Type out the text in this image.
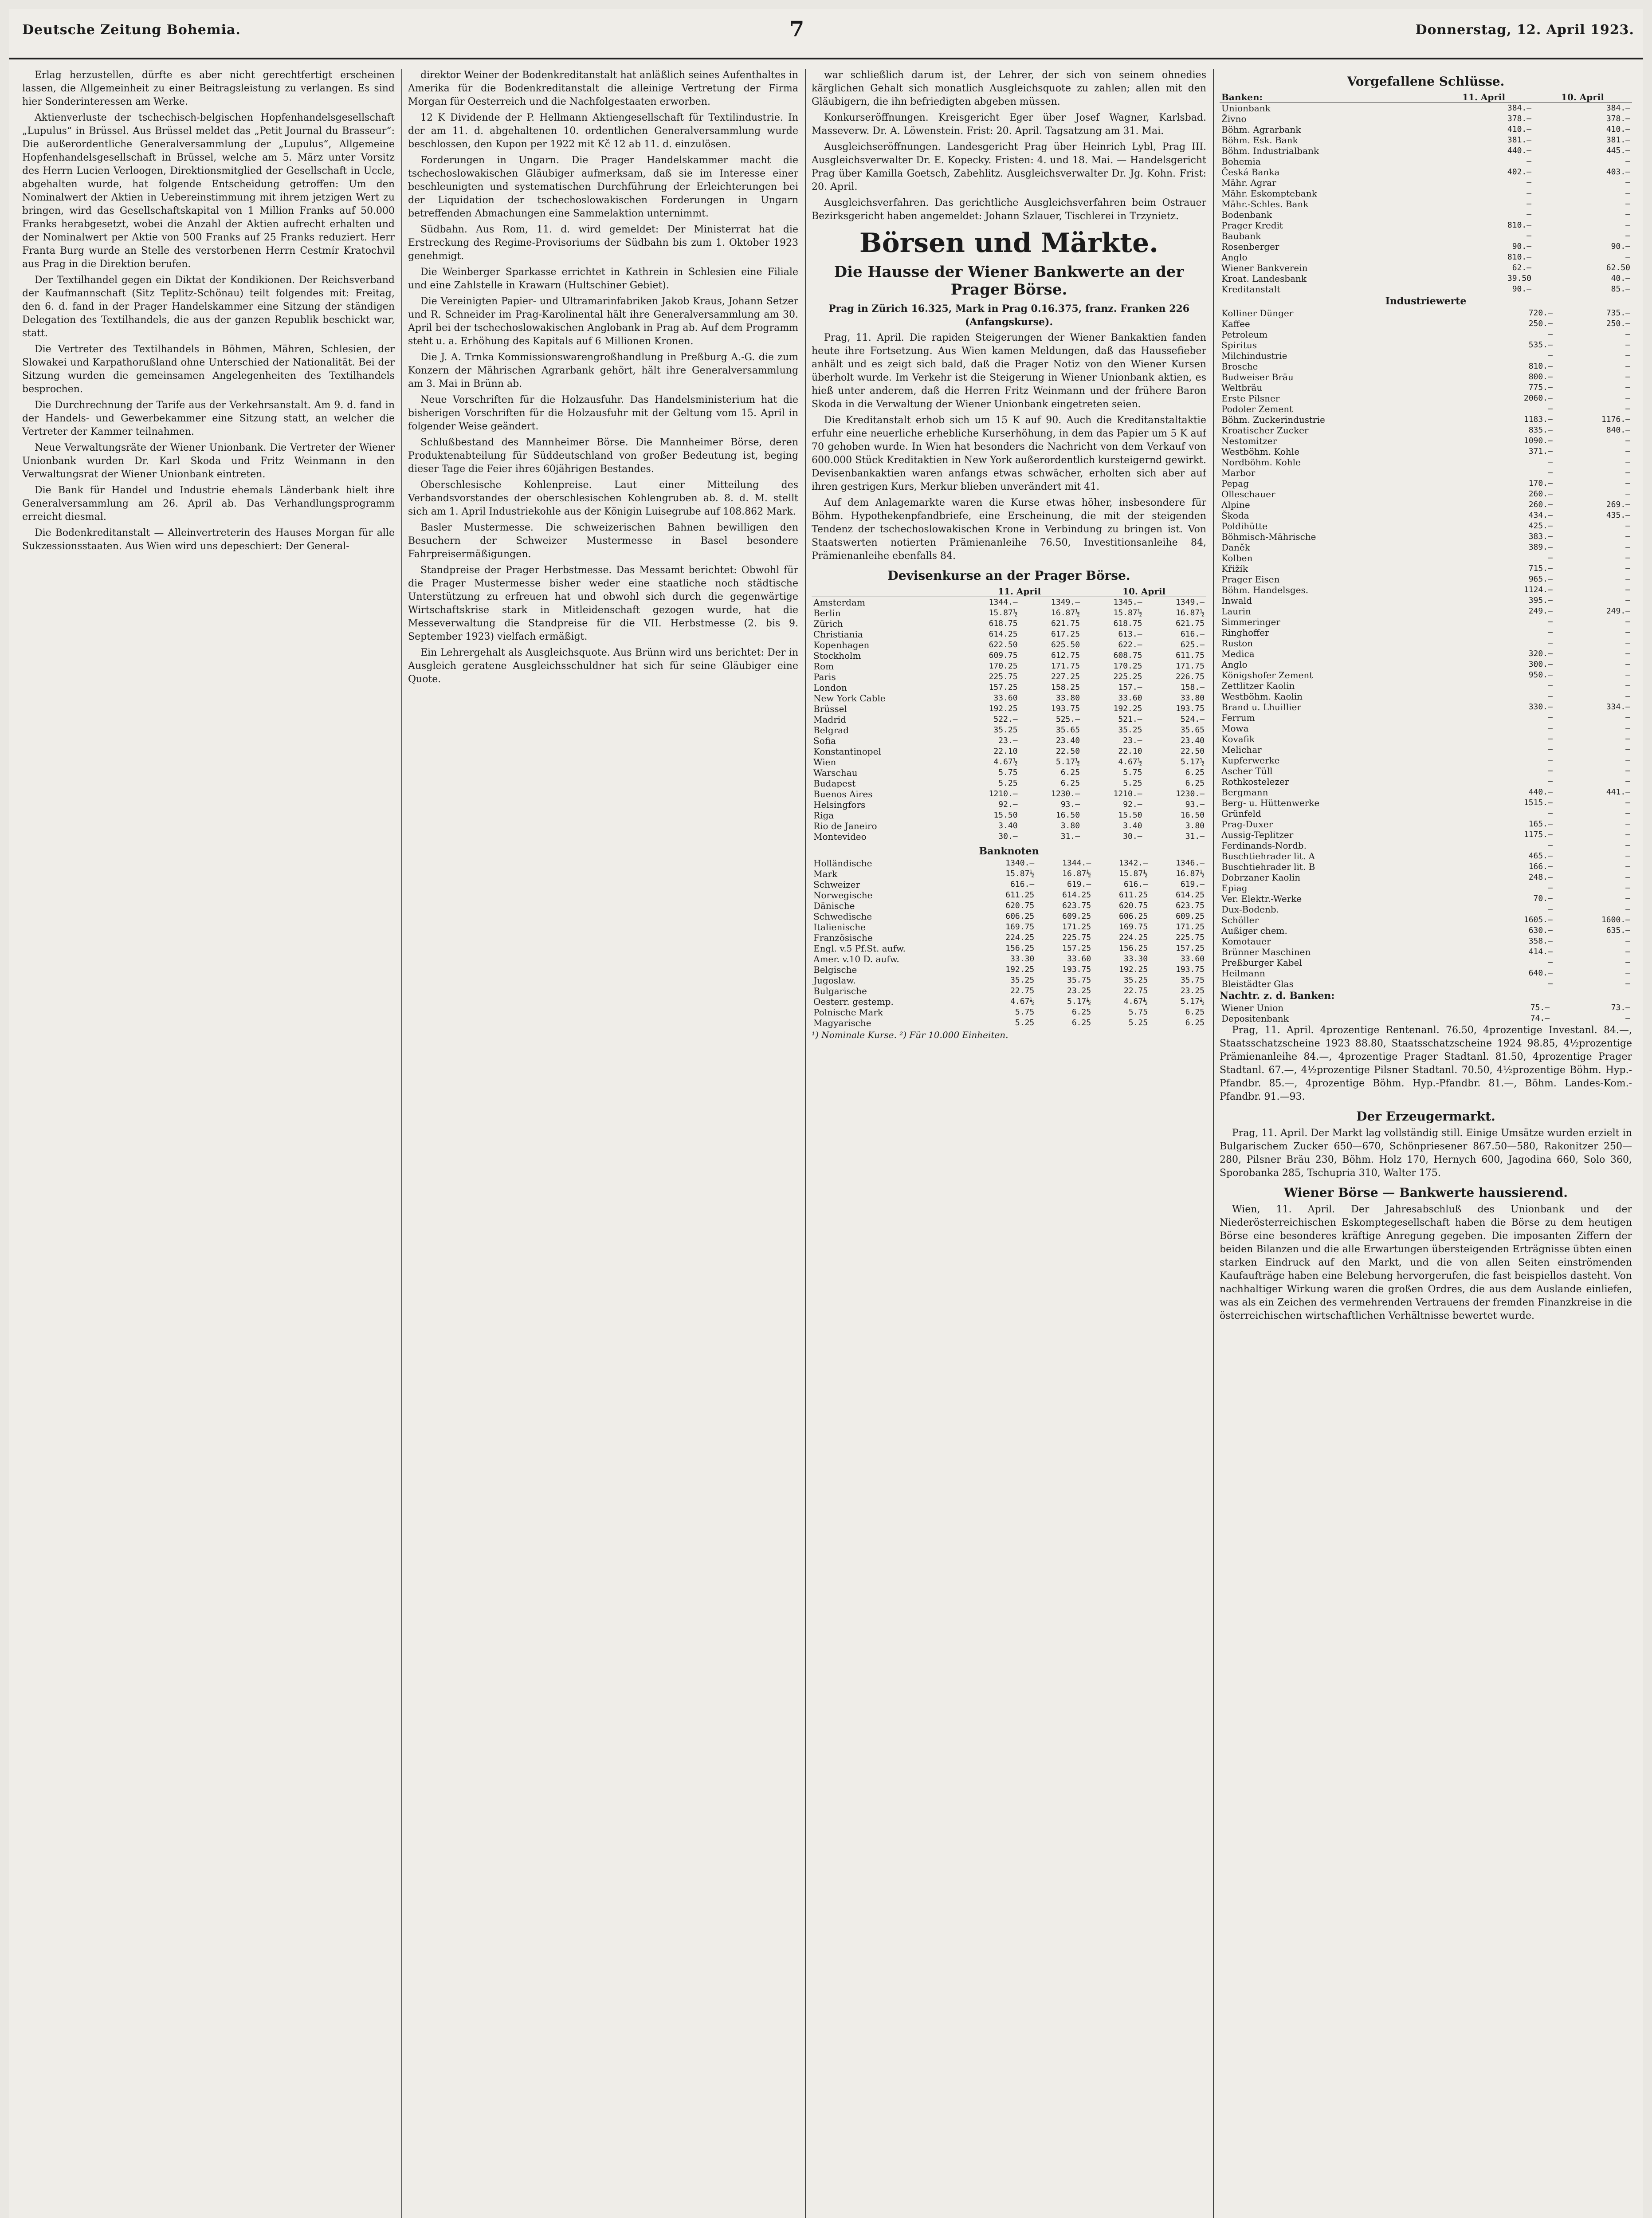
Deutsche Zeitung Bohemia.	7	Donnerstag, 12. April 1923.

Erlag herzustellen, dürfte es aber nicht gerechtfertigt erscheinen lassen, die Allgemeinheit zu einer Beitragsleistung zu verlangen. Es sind hier Sonderinteressen am Werke.

Aktienverluste der tschechisch-belgischen Hopfenhandelsgesellschaft „Lupulus“ in Brüssel. Aus Brüssel meldet das „Petit Journal du Brasseur“: Die außerordentliche Generalversammlung der „Lupulus“, Allgemeine Hopfenhandelsgesellschaft in Brüssel, welche am 5. März unter Vorsitz des Herrn Lucien Verloogen, Direktionsmitglied der Gesellschaft in Uccle, abgehalten wurde, hat folgende Entscheidung getroffen: Um den Nominalwert der Aktien in Uebereinstimmung mit ihrem jetzigen Wert zu bringen, wird das Gesellschaftskapital von 1 Million Franks auf 50.000 Franks herabgesetzt, wobei die Anzahl der Aktien aufrecht erhalten und der Nominalwert per Aktie von 500 Franks auf 25 Franks reduziert. Herr Franta Burg wurde an Stelle des verstorbenen Herrn Cestmír Kratochvil aus Prag in die Direktion berufen.

Der Textilhandel gegen ein Diktat der Kondikionen. Der Reichsverband der Kaufmannschaft (Sitz Teplitz-Schönau) teilt folgendes mit: Freitag, den 6. d. fand in der Prager Handelskammer eine Sitzung der ständigen Delegation des Textilhandels, die aus der ganzen Republik beschickt war, statt.

Die Vertreter des Textilhandels in Böhmen, Mähren, Schlesien, der Slowakei und Karpathorußland ohne Unterschied der Nationalität. Bei der Sitzung wurden die gemeinsamen Angelegenheiten des Textilhandels besprochen.

Die Durchrechnung der Tarife aus der Verkehrsanstalt. Am 9. d. fand in der Handels- und Gewerbekammer eine Sitzung statt, an welcher die Vertreter der Kammer teilnahmen.

Neue Verwaltungsräte der Wiener Unionbank. Die Vertreter der Wiener Unionbank wurden Dr. Karl Skoda und Fritz Weinmann in den Verwaltungsrat der Wiener Unionbank eintreten.

Die Bank für Handel und Industrie ehemals Länderbank hielt ihre Generalversammlung am 26. April ab. Das Verhandlungsprogramm erreicht diesmal.

Die Bodenkreditanstalt — Alleinvertreterin des Hauses Morgan für alle Sukzessionsstaaten. Aus Wien wird uns depeschiert: Der General-

direktor Weiner der Bodenkreditanstalt hat anläßlich seines Aufenthaltes in Amerika für die Bodenkreditanstalt die alleinige Vertretung der Firma Morgan für Oesterreich und die Nachfolgestaaten erworben.

12 K Dividende der P. Hellmann Aktiengesellschaft für Textilindustrie. In der am 11. d. abgehaltenen 10. ordentlichen Generalversammlung wurde beschlossen, den Kupon per 1922 mit Kč 12 ab 11. d. einzulösen.

Forderungen in Ungarn. Die Prager Handelskammer macht die tschechoslowakischen Gläubiger aufmerksam, daß sie im Interesse einer beschleunigten und systematischen Durchführung der Erleichterungen bei der Liquidation der tschechoslowakischen Forderungen in Ungarn betreffenden Abmachungen eine Sammelaktion unternimmt.

Südbahn. Aus Rom, 11. d. wird gemeldet: Der Ministerrat hat die Erstreckung des Regime-Provisoriums der Südbahn bis zum 1. Oktober 1923 genehmigt.

Die Weinberger Sparkasse errichtet in Kathrein in Schlesien eine Filiale und eine Zahlstelle in Krawarn (Hultschiner Gebiet).

Die Vereinigten Papier- und Ultramarinfabriken Jakob Kraus, Johann Setzer und R. Schneider im Prag-Karolinental hält ihre Generalversammlung am 30. April bei der tschechoslowakischen Anglobank in Prag ab. Auf dem Programm steht u. a. Erhöhung des Kapitals auf 6 Millionen Kronen.

Die J. A. Trnka Kommissionswarengroßhandlung in Preßburg A.-G. die zum Konzern der Mährischen Agrarbank gehört, hält ihre Generalversammlung am 3. Mai in Brünn ab.

Neue Vorschriften für die Holzausfuhr. Das Handelsministerium hat die bisherigen Vorschriften für die Holzausfuhr mit der Geltung vom 15. April in folgender Weise geändert.

Schlußbestand des Mannheimer Börse. Die Mannheimer Börse, deren Produktenabteilung für Süddeutschland von großer Bedeutung ist, beging dieser Tage die Feier ihres 60jährigen Bestandes.

Oberschlesische Kohlenpreise. Laut einer Mitteilung des Verbandsvorstandes der oberschlesischen Kohlengruben ab. 8. d. M. stellt sich am 1. April Industriekohle aus der Königin Luisegrube auf 108.862 Mark.

Basler Mustermesse. Die schweizerischen Bahnen bewilligen den Besuchern der Schweizer Mustermesse in Basel besondere Fahrpreisermäßigungen.

Standpreise der Prager Herbstmesse. Das Messamt berichtet: Obwohl für die Prager Mustermesse bisher weder eine staatliche noch städtische Unterstützung zu erfreuen hat und obwohl sich durch die gegenwärtige Wirtschaftskrise stark in Mitleidenschaft gezogen wurde, hat die Messeverwaltung die Standpreise für die VII. Herbstmesse (2. bis 9. September 1923) vielfach ermäßigt.

Ein Lehrergehalt als Ausgleichsquote. Aus Brünn wird uns berichtet: Der in Ausgleich geratene Ausgleichsschuldner hat sich für seine Gläubiger eine Quote.

war schließlich darum ist, der Lehrer, der sich von seinem ohnedies kärglichen Gehalt sich monatlich Ausgleichsquote zu zahlen; allen mit den Gläubigern, die ihn befriedigten abgeben müssen.

Konkurseröffnungen. Kreisgericht Eger über Josef Wagner, Karlsbad. Masseverw. Dr. A. Löwenstein. Frist: 20. April. Tagsatzung am 31. Mai.

Ausgleichseröffnungen. Landesgericht Prag über Heinrich Lybl, Prag III. Ausgleichsverwalter Dr. E. Kopecky. Fristen: 4. und 18. Mai. — Handelsgericht Prag über Kamilla Goetsch, Zabehlitz. Ausgleichsverwalter Dr. Jg. Kohn. Frist: 20. April.

Ausgleichsverfahren. Das gerichtliche Ausgleichsverfahren beim Ostrauer Bezirksgericht haben angemeldet: Johann Szlauer, Tischlerei in Trzynietz.

Börsen und Märkte.
Die Hausse der Wiener Bankwerte an der Prager Börse.

Prag in Zürich 16.325, Mark in Prag 0.16.375, franz. Franken 226 (Anfangskurse).

Prag, 11. April. Die rapiden Steigerungen der Wiener Bankaktien fanden heute ihre Fortsetzung. Aus Wien kamen Meldungen, daß das Haussefieber anhält und es zeigt sich bald, daß die Prager Notiz von den Wiener Kursen überholt wurde. Im Verkehr ist die Steigerung in Wiener Unionbank aktien, es hieß unter anderem, daß die Herren Fritz Weinmann und der frühere Baron Skoda in die Verwaltung der Wiener Unionbank eingetreten seien.

Die Kreditanstalt erhob sich um 15 K auf 90. Auch die Kreditanstaltaktie erfuhr eine neuerliche erhebliche Kurserhöhung, in dem das Papier um 5 K auf 70 gehoben wurde. In Wien hat besonders die Nachricht von dem Verkauf von 600.000 Stück Kreditaktien in New York außerordentlich kursteigernd gewirkt. Devisenbankaktien waren anfangs etwas schwächer, erholten sich aber auf ihren gestrigen Kurs, Merkur blieben unverändert mit 41.

Auf dem Anlagemarkte waren die Kurse etwas höher, insbesondere für Böhm. Hypothekenpfandbriefe, eine Erscheinung, die mit der steigenden Tendenz der tschechoslowakischen Krone in Verbindung zu bringen ist. Von Staatswerten notierten Prämienanleihe 76.50, Investitionsanleihe 84, Prämienanleihe ebenfalls 84.

Devisenkurse an der Prager Börse.
	11. April		10. April	
Amsterdam	1344.—	1349.—	1345.—	1349.—
Berlin	15.87½	16.87½	15.87½	16.87½
Zürich	618.75	621.75	618.75	621.75
Christiania	614.25	617.25	613.—	616.—
Kopenhagen	622.50	625.50	622.—	625.—
Stockholm	609.75	612.75	608.75	611.75
Rom	170.25	171.75	170.25	171.75
Paris	225.75	227.25	225.25	226.75
London	157.25	158.25	157.—	158.—
New York Cable	33.60	33.80	33.60	33.80
Brüssel	192.25	193.75	192.25	193.75
Madrid	522.—	525.—	521.—	524.—
Belgrad	35.25	35.65	35.25	35.65
Sofia	23.—	23.40	23.—	23.40
Konstantinopel	22.10	22.50	22.10	22.50
Wien	4.67½	5.17½	4.67½	5.17½
Warschau	5.75	6.25	5.75	6.25
Budapest	5.25	6.25	5.25	6.25
Buenos Aires	1210.—	1230.—	1210.—	1230.—
Helsingfors	92.—	93.—	92.—	93.—
Riga	15.50	16.50	15.50	16.50
Rio de Janeiro	3.40	3.80	3.40	3.80
Montevideo	30.—	31.—	30.—	31.—
Banknoten
Holländische	1340.—	1344.—	1342.—	1346.—
Mark	15.87½	16.87½	15.87½	16.87½
Schweizer	616.—	619.—	616.—	619.—
Norwegische	611.25	614.25	611.25	614.25
Dänische	620.75	623.75	620.75	623.75
Schwedische	606.25	609.25	606.25	609.25
Italienische	169.75	171.25	169.75	171.25
Französische	224.25	225.75	224.25	225.75
Engl. v.5 Pf.St. aufw.	156.25	157.25	156.25	157.25
Amer. v.10 D. aufw.	33.30	33.60	33.30	33.60
Belgische	192.25	193.75	192.25	193.75
Jugoslaw.	35.25	35.75	35.25	35.75
Bulgarische	22.75	23.25	22.75	23.25
Oesterr. gestemp.	4.67½	5.17½	4.67½	5.17½
Polnische Mark	5.75	6.25	5.75	6.25
Magyarische	5.25	6.25	5.25	6.25
¹) Nominale Kurse. ²) Für 10.000 Einheiten.
Vorgefallene Schlüsse.
Banken:	11. April	10. April
Unionbank	384.—	384.—
Živno	378.—	378.—
Böhm. Agrarbank	410.—	410.—
Böhm. Esk. Bank	381.—	381.—
Böhm. Industrialbank	440.—	445.—
Bohemia	—	—
Česká Banka	402.—	403.—
Mähr. Agrar	—	—
Mähr. Eskomptebank	—	—
Mähr.-Schles. Bank	—	—
Bodenbank	—	—
Prager Kredit	810.—	—
Baubank	—	—
Rosenberger	90.—	90.—
Anglo	810.—	—
Wiener Bankverein	62.—	62.50
Kroat. Landesbank	39.50	40.—
Kreditanstalt	90.—	85.—
Industriewerte
Kolliner Dünger	720.—	735.—
Kaffee	250.—	250.—
Petroleum	—	—
Spiritus	535.—	—
Milchindustrie	—	—
Brosche	810.—	—
Budweiser Bräu	800.—	—
Weltbräu	775.—	—
Erste Pilsner	2060.—	—
Podoler Zement	—	—
Böhm. Zuckerindustrie	1183.—	1176.—
Kroatischer Zucker	835.—	840.—
Nestomitzer	1090.—	—
Westböhm. Kohle	371.—	—
Nordböhm. Kohle	—	—
Marbor	—	—
Pepag	170.—	—
Olleschauer	260.—	—
Alpine	260.—	269.—
Škoda	434.—	435.—
Poldihütte	425.—	—
Böhmisch-Mährische	383.—	—
Daněk	389.—	—
Kolben	—	—
Křižík	715.—	—
Prager Eisen	965.—	—
Böhm. Handelsges.	1124.—	—
Inwald	395.—	—
Laurin	249.—	249.—
Simmeringer	—	—
Ringhoffer	—	—
Ruston	—	—
Medica	320.—	—
Anglo	300.—	—
Königshofer Zement	950.—	—
Zettlitzer Kaolin	—	—
Westböhm. Kaolin	—	—
Brand u. Lhuillier	330.—	334.—
Ferrum	—	—
Mowa	—	—
Kovafik	—	—
Melichar	—	—
Kupferwerke	—	—
Ascher Tüll	—	—
Rothkostelezer	—	—
Bergmann	440.—	441.—
Berg- u. Hüttenwerke	1515.—	—
Grünfeld	—	—
Prag-Duxer	165.—	—
Aussig-Teplitzer	1175.—	—
Ferdinands-Nordb.	—	—
Buschtiehrader lit. A	465.—	—
Buschtiehrader lit. B	166.—	—
Dobrzaner Kaolin	248.—	—
Epiag	—	—
Ver. Elektr.-Werke	70.—	—
Dux-Bodenb.	—	—
Schöller	1605.—	1600.—
Außiger chem.	630.—	635.—
Komotauer	358.—	—
Brünner Maschinen	414.—	—
Preßburger Kabel	—	—
Heilmann	640.—	—
Bleistädter Glas	—	—
Nachtr. z. d. Banken:
Wiener Union	75.—	73.—
Depositenbank	74.—	—

Prag, 11. April. 4prozentige Rentenanl. 76.50, 4prozentige Investanl. 84.—, Staatsschatzscheine 1923 88.80, Staatsschatzscheine 1924 98.85, 4½prozentige Prämienanleihe 84.—, 4prozentige Prager Stadtanl. 81.50, 4prozentige Prager Stadtanl. 67.—, 4½prozentige Pilsner Stadtanl. 70.50, 4½prozentige Böhm. Hyp.-Pfandbr. 85.—, 4prozentige Böhm. Hyp.-Pfandbr. 81.—, Böhm. Landes-Kom.-Pfandbr. 91.—93.

Der Erzeugermarkt.

Prag, 11. April. Der Markt lag vollständig still. Einige Umsätze wurden erzielt in Bulgarischem Zucker 650—670, Schönpriesener 867.50—580, Rakonitzer 250—280, Pilsner Bräu 230, Böhm. Holz 170, Hernych 600, Jagodina 660, Solo 360, Sporobanka 285, Tschupria 310, Walter 175.

Wiener Börse — Bankwerte haussierend.

Wien, 11. April. Der Jahresabschluß des Unionbank und der Niederösterreichischen Eskomptegesellschaft haben die Börse zu dem heutigen Börse eine besonderes kräftige Anregung gegeben. Die imposanten Ziffern der beiden Bilanzen und die alle Erwartungen übersteigenden Erträgnisse übten einen starken Eindruck auf den Markt, und die von allen Seiten einströmenden Kaufaufträge haben eine Belebung hervorgerufen, die fast beispiellos dasteht. Von nachhaltiger Wirkung waren die großen Ordres, die aus dem Auslande einliefen, was als ein Zeichen des vermehrenden Vertrauens der fremden Finanzkreise in die österreichischen wirtschaftlichen Verhältnisse bewertet wurde.
